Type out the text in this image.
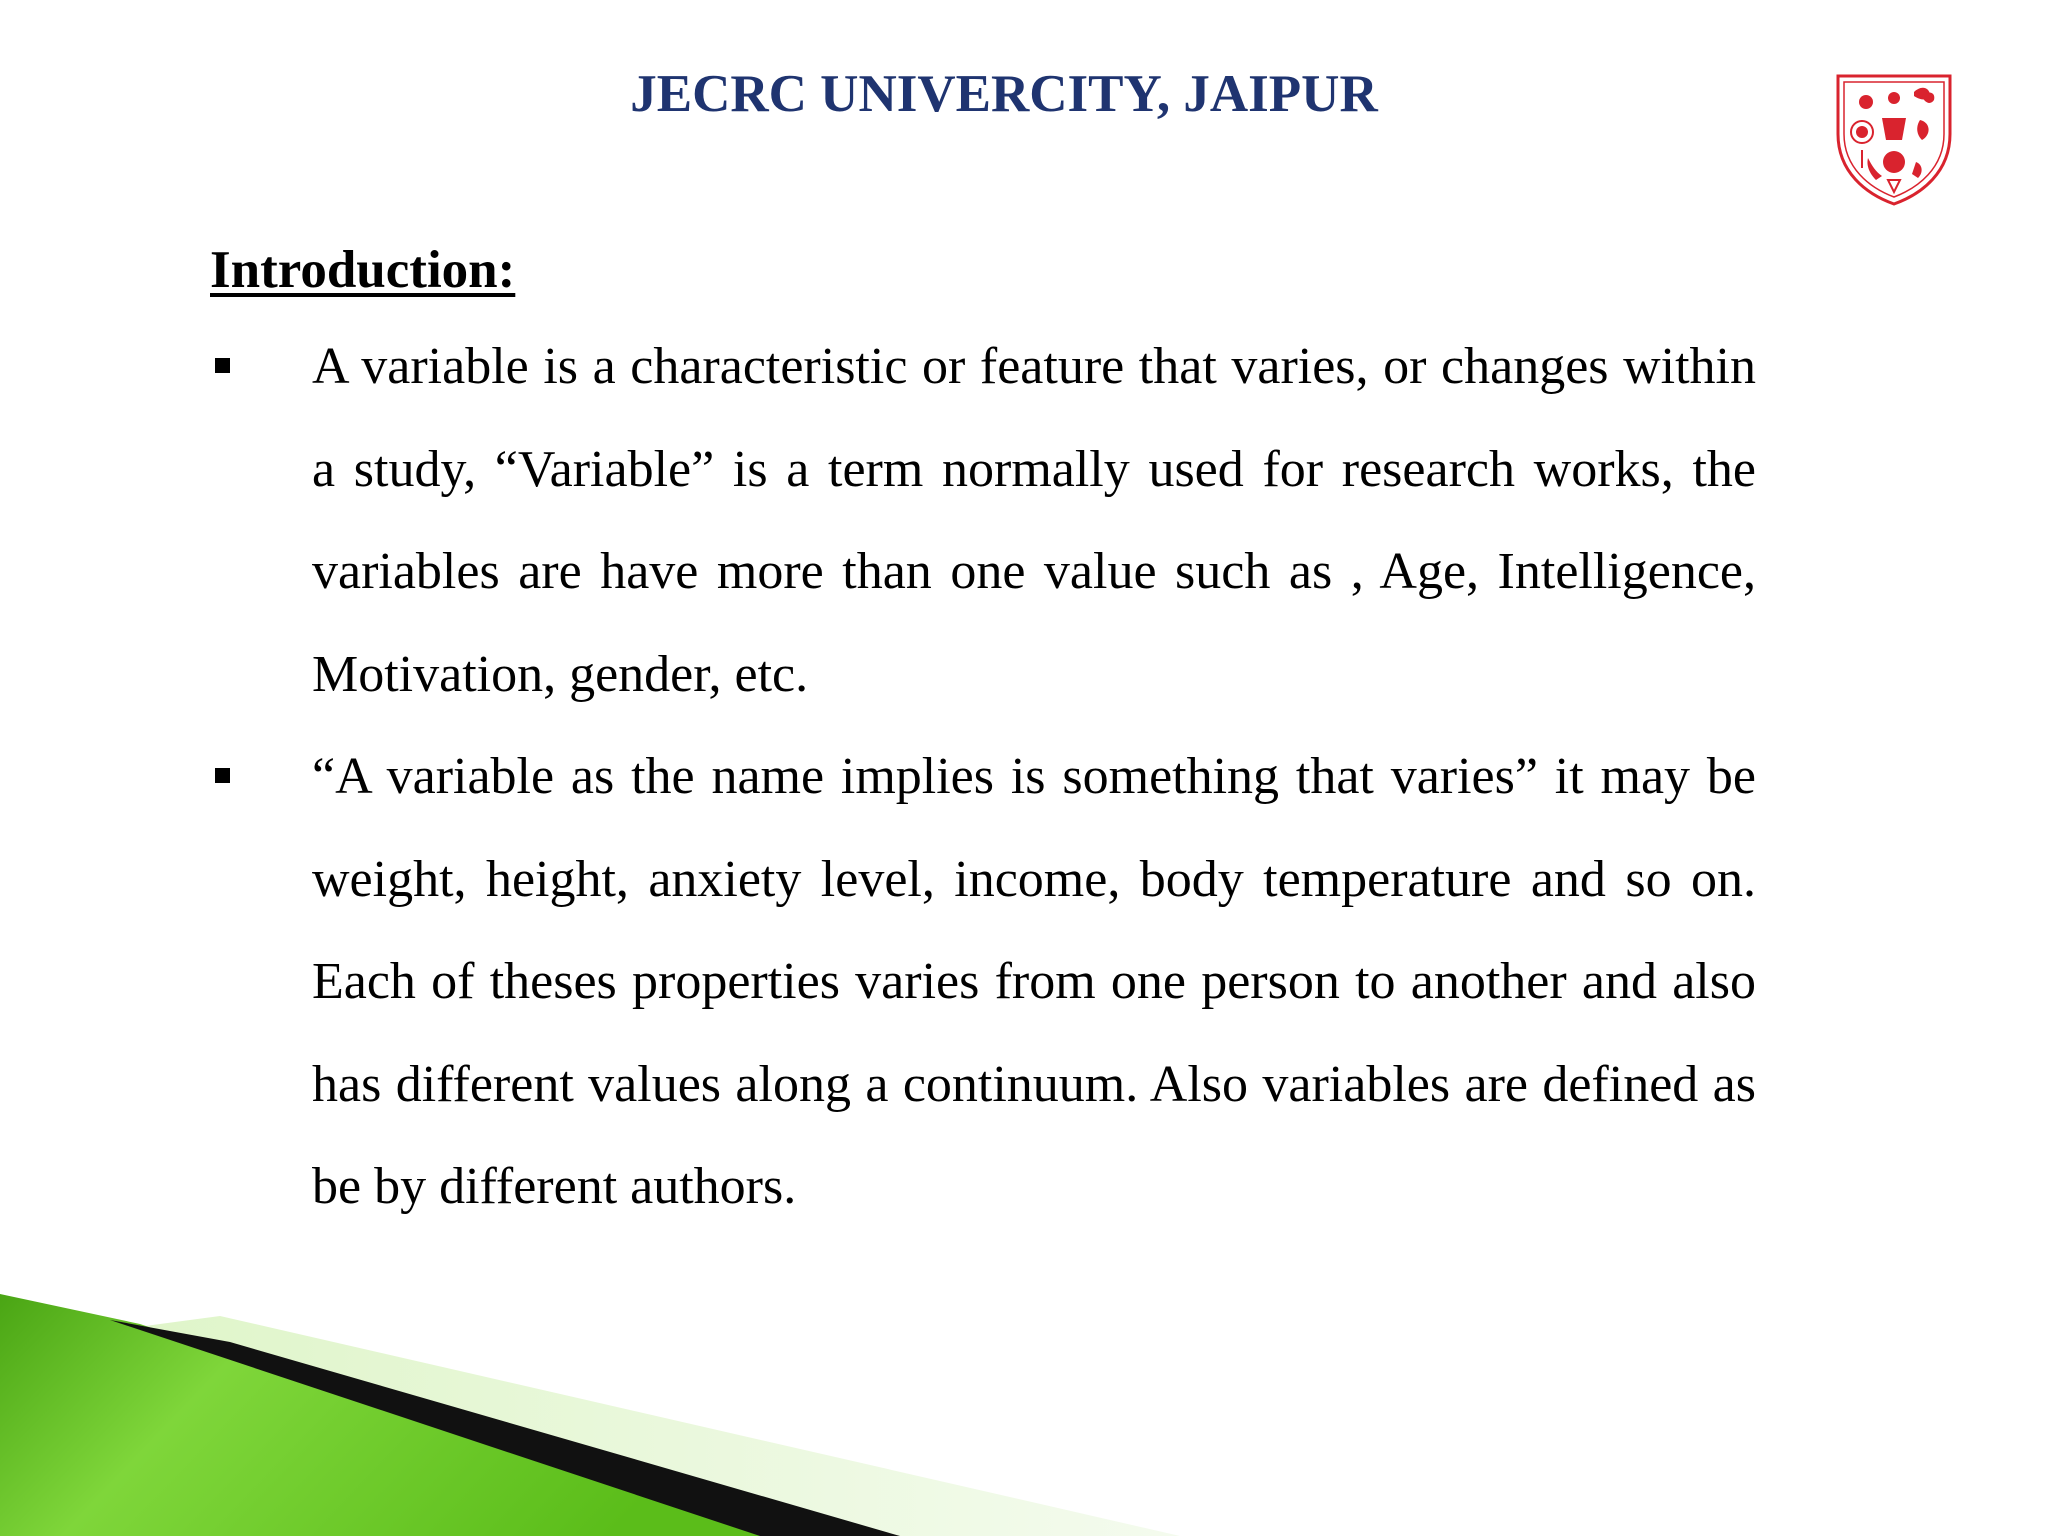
JECRC UNIVERCITY, JAIPUR
Introduction:
A variable is a characteristic or feature that varies, or changes within a study, “Variable” is a term normally used for research works, the variables are have more than one value such as , Age, Intelligence, Motivation, gender, etc.
“A variable as the name implies is something that varies” it may be weight, height, anxiety level, income, body temperature and so on. Each of theses properties varies from one person to another and also has different values along a continuum. Also variables are defined as be by different authors.
